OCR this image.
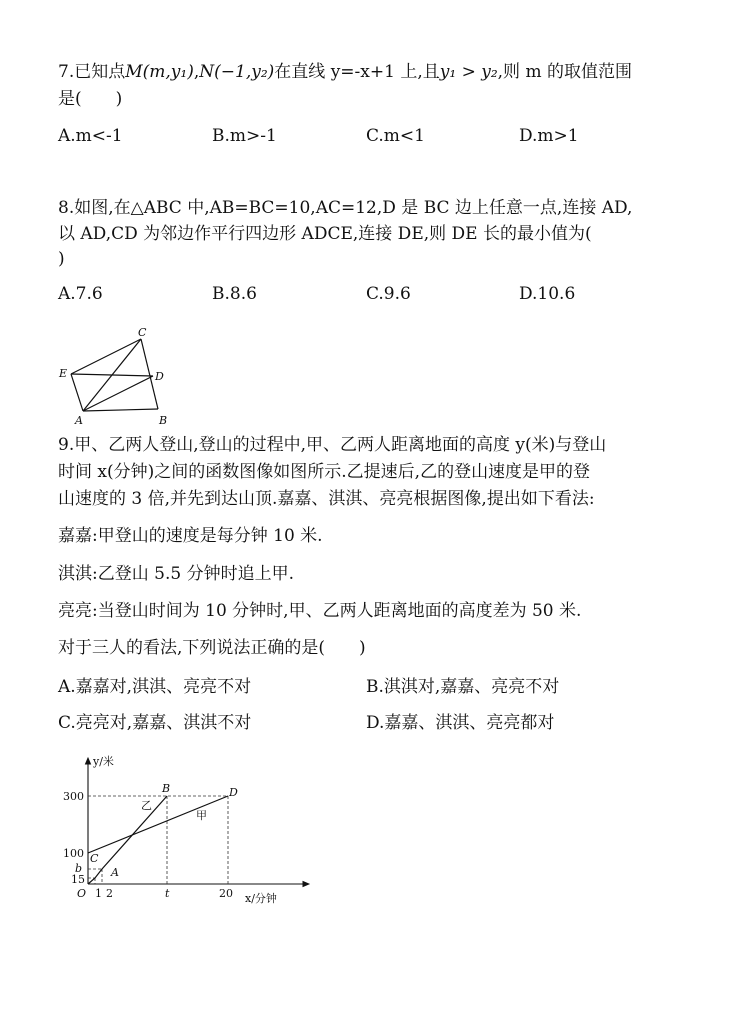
7.已知点M(m,y₁),N(−1,y₂)在直线 y=-x+1 上,且y₁ > y₂,则 m 的取值范围
是(　　)
A.m<-1	B.m>-1	C.m<1	D.m>1
8.如图,在△ABC 中,AB=BC=10,AC=12,D 是 BC 边上任意一点,连接 AD,
以 AD,CD 为邻边作平行四边形 ADCE,连接 DE,则 DE 长的最小值为(
)
A.7.6	B.8.6	C.9.6	D.10.6
C
E	D
A	B
9.甲、乙两人登山,登山的过程中,甲、乙两人距离地面的高度 y(米)与登山
时间 x(分钟)之间的函数图像如图所示.乙提速后,乙的登山速度是甲的登
山速度的 3 倍,并先到达山顶.嘉嘉、淇淇、亮亮根据图像,提出如下看法:
嘉嘉:甲登山的速度是每分钟 10 米.
淇淇:乙登山 5.5 分钟时追上甲.
亮亮:当登山时间为 10 分钟时,甲、乙两人距离地面的高度差为 50 米.
对于三人的看法,下列说法正确的是(　　)
A.嘉嘉对,淇淇、亮亮不对	B.淇淇对,嘉嘉、亮亮不对
C.亮亮对,嘉嘉、淇淇不对	D.嘉嘉、淇淇、亮亮都对
y/米
x/分钟
300
100
b
15
O 1 2	t	20
A
B
C
D
乙
甲
